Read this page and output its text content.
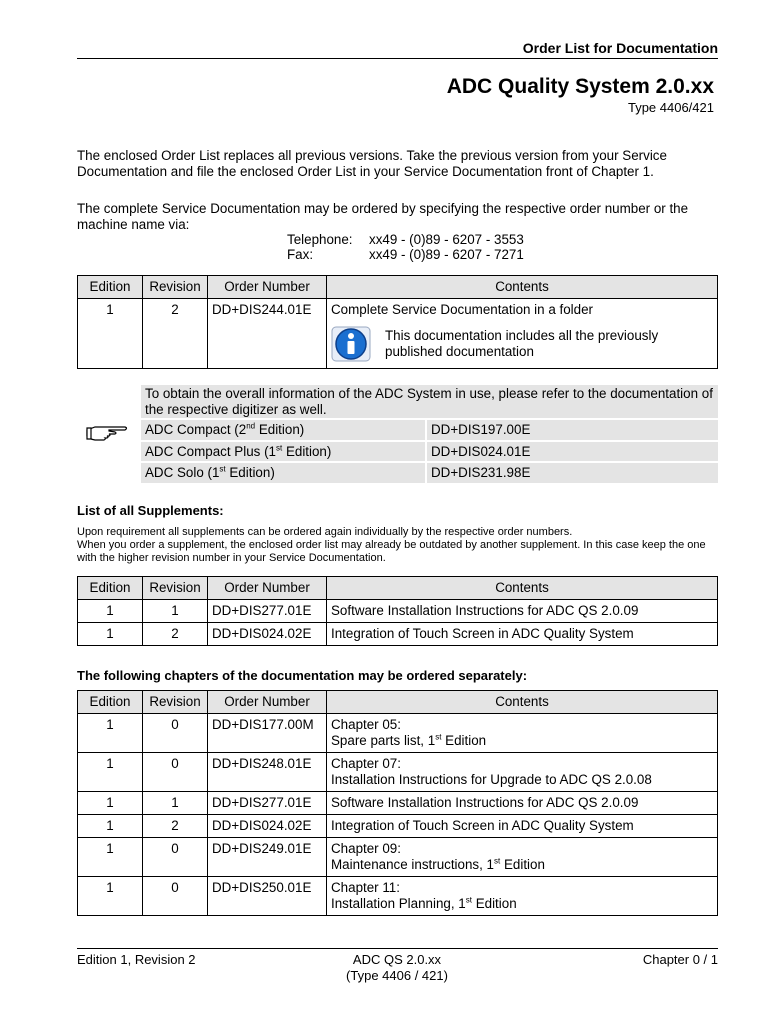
Order List for Documentation
ADC Quality System 2.0.xx
Type 4406/421
The enclosed Order List replaces all previous versions. Take the previous version from your Service Documentation and file the enclosed Order List in your Service Documentation front of Chapter 1.
The complete Service Documentation may be ordered by specifying the respective order number or the machine name via:
Telephone: xx49 - (0)89 - 6207 - 3553
Fax:	xx49 - (0)89 - 6207 - 7271
Edition	Revision	Order Number	Contents
1	2	DD+DIS244.01E	Complete Service Documentation in a folder
This documentation includes all the previously published documentation
To obtain the overall information of the ADC System in use, please refer to the documentation of the respective digitizer as well.
ADC Compact (2nd Edition)	DD+DIS197.00E
ADC Compact Plus (1st Edition)	DD+DIS024.01E
ADC Solo (1st Edition)	DD+DIS231.98E
List of all Supplements:
Upon requirement all supplements can be ordered again individually by the respective order numbers.
When you order a supplement, the enclosed order list may already be outdated by another supplement. In this case keep the one with the higher revision number in your Service Documentation.
Edition	Revision	Order Number	Contents
1	1	DD+DIS277.01E	Software Installation Instructions for ADC QS 2.0.09
1	2	DD+DIS024.02E	Integration of Touch Screen in ADC Quality System
The following chapters of the documentation may be ordered separately:
Edition	Revision	Order Number	Contents
1	0	DD+DIS177.00M	Chapter 05:
Spare parts list, 1st Edition

1	0	DD+DIS248.01E	Chapter 07:
Installation Instructions for Upgrade to ADC QS 2.0.08

1	1	DD+DIS277.01E	Software Installation Instructions for ADC QS 2.0.09

1	2	DD+DIS024.02E	Integration of Touch Screen in ADC Quality System

1	0	DD+DIS249.01E	Chapter 09:
Maintenance instructions, 1st Edition

1	0	DD+DIS250.01E	Chapter 11:
Installation Planning, 1st Edition
Edition 1, Revision 2	ADC QS 2.0.xx
(Type 4406 / 421)
Chapter 0 / 1
